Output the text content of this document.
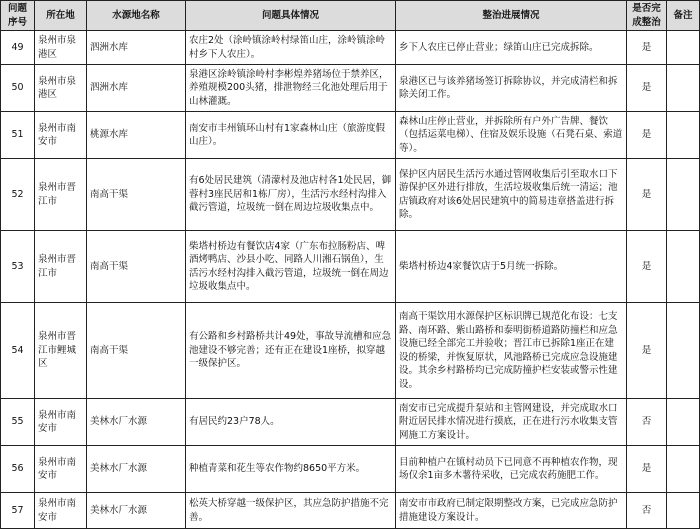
问题序号	所在地	水源地名称	问题具体情况	整治进展情况	是否完成整治	备注
49	泉州市泉港区	泗洲水库	农庄2处（涂岭镇涂岭村绿笛山庄，涂岭镇涂岭村乡下人农庄）。	乡下人农庄已停止营业；绿笛山庄已完成拆除。	是	
50	泉州市泉港区	泗洲水库	泉港区涂岭镇涂岭村李彬煌养猪场位于禁养区，养殖规模200头猪，排泄物经三化池处理后用于山林灌溉。	泉港区已与该养猪场签订拆除协议，并完成清栏和拆除关闭工作。	是	
51	泉州市南安市	桃源水库	南安市丰州镇环山村有1家森林山庄（旅游度假山庄）。	森林山庄停止营业，并拆除所有户外广告牌、餐饮（包括运菜电梯）、住宿及娱乐设施（石凳石桌、索道等）。	是	
52	泉州市晋江市	南高干渠	有6处居民建筑（清濛村及池店村各1处民居，御蓉村3座民居和1栋厂房），生活污水经村沟排入截污管道，垃圾统一倒在周边垃圾收集点中。	保护区内居民生活污水通过管网收集后引至取水口下游保护区外进行排放，生活垃圾收集后统一清运；池店镇政府对该6处居民建筑中的简易违章搭盖进行拆除。	是	
53	泉州市晋江市	南高干渠	柴塔村桥边有餐饮店4家（广东布拉肠粉店、啤酒烤鸭店、沙县小吃、同路人川湘石锅鱼），生活污水经村沟排入截污管道，垃圾统一倒在周边垃圾收集点中。	柴塔村桥边4家餐饮店于5月统一拆除。	是	
54	泉州市晋江市鲤城区	南高干渠	有公路和乡村路桥共计49处，事故导流槽和应急池建设不够完善；还有正在建设1座桥，拟穿越一级保护区。	南高干渠饮用水源保护区标识牌已规范化布设：七支路、南环路、紫山路桥和泰明街桥道路防撞栏和应急设施已经全部完工并验收；晋江市已拆除1座正在建设的桥梁，并恢复原状，风池路桥已完成应急设施建设。其余乡村路桥均已完成防撞护栏安装或警示性建设。	是	
55	泉州市南安市	美林水厂水源	有居民约23户78人。	南安市已完成提升泵站和主管网建设，并完成取水口附近居民排水情况进行摸底，正在进行污水收集支管网施工方案设计。	否	
56	泉州市南安市	美林水厂水源	种植青菜和花生等农作物约8650平方米。	目前种植户在镇村动员下已同意不再种植农作物，现场仅余1亩多木薯待采收，已完成农药施肥工作。	是	
57	泉州市南安市	美林水厂水源	松英大桥穿越一级保护区，其应急防护措施不完善。	南安市市政府已制定限期整改方案，已完成应急防护措施建设方案设计。	否	
